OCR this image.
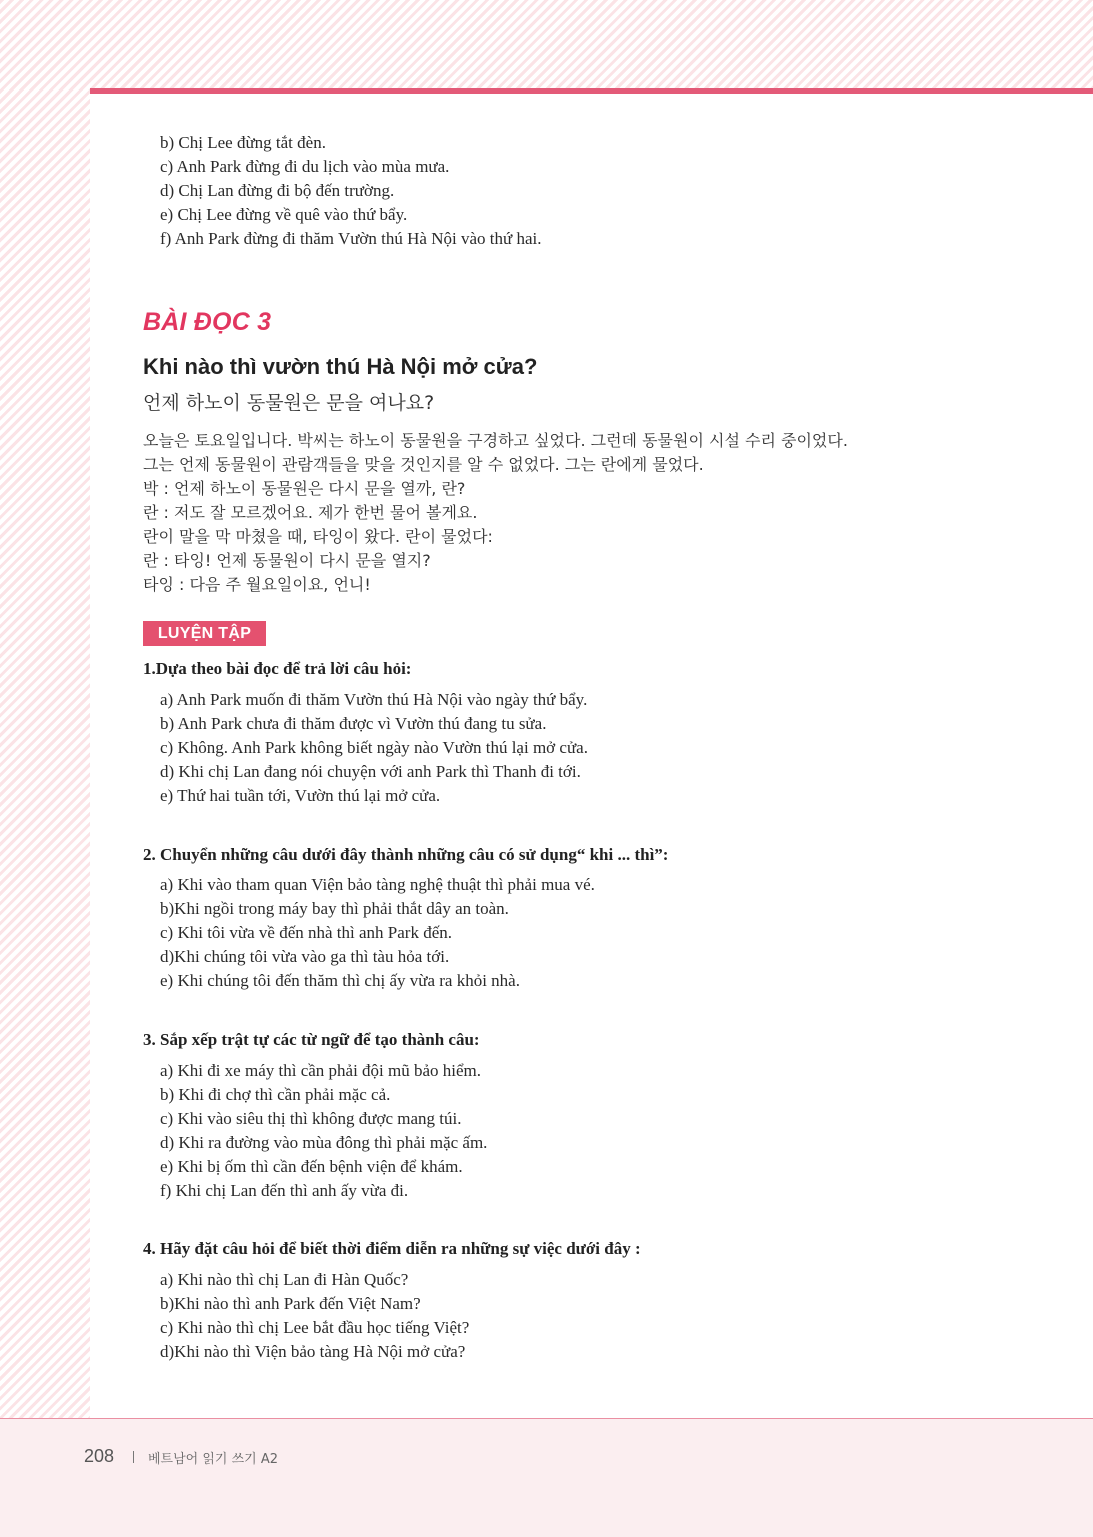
b) Chị Lee đừng tắt đèn.
c) Anh Park đừng đi du lịch vào mùa mưa.
d) Chị Lan đừng đi bộ đến trường.
e) Chị Lee đừng về quê vào thứ bẩy.
f) Anh Park đừng đi thăm Vườn thú Hà Nội vào thứ hai.
BÀI ĐỌC 3
Khi nào thì vườn thú Hà Nội mở cửa?
언제 하노이 동물원은 문을 여나요?
오늘은 토요일입니다. 박씨는 하노이 동물원을 구경하고 싶었다. 그런데 동물원이 시설 수리 중이었다.
그는 언제 동물원이 관람객들을 맞을 것인지를 알 수 없었다. 그는 란에게 물었다.
박 : 언제 하노이 동물원은 다시 문을 열까, 란?
란 : 저도 잘 모르겠어요. 제가 한번 물어 볼게요.
란이 말을 막 마쳤을 때, 타잉이 왔다. 란이 물었다:
란 : 타잉! 언제 동물원이 다시 문을 열지?
타잉 : 다음 주 월요일이요, 언니!
LUYỆN TẬP
1.Dựa theo bài đọc để trả lời câu hỏi:
a) Anh Park muốn đi thăm Vườn thú Hà Nội vào ngày thứ bẩy.
b) Anh Park chưa đi thăm được vì Vườn thú đang tu sửa.
c) Không. Anh Park không biết ngày nào Vườn thú lại mở cửa.
d) Khi chị Lan đang nói chuyện với anh Park thì Thanh đi tới.
e) Thứ hai tuần tới, Vườn thú lại mở cửa.
2. Chuyển những câu dưới đây thành những câu có sử dụng“ khi ... thì”:
a) Khi vào tham quan Viện bảo tàng nghệ thuật thì phải mua vé.
b)Khi ngồi trong máy bay thì phải thắt dây an toàn.
c) Khi tôi vừa về đến nhà thì anh Park đến.
d)Khi chúng tôi vừa vào ga thì tàu hỏa tới.
e) Khi chúng tôi đến thăm thì chị ấy vừa ra khỏi nhà.
3. Sắp xếp trật tự các từ ngữ để tạo thành câu:
a) Khi đi xe máy thì cần phải đội mũ bảo hiểm.
b) Khi đi chợ thì cần phải mặc cả.
c) Khi vào siêu thị thì không được mang túi.
d) Khi ra đường vào mùa đông thì phải mặc ấm.
e) Khi bị ốm thì cần đến bệnh viện để khám.
f) Khi chị Lan đến thì anh ấy vừa đi.
4. Hãy đặt câu hỏi để biết thời điểm diễn ra những sự việc dưới đây :
a) Khi nào thì chị Lan đi Hàn Quốc?
b)Khi nào thì anh Park đến Việt Nam?
c) Khi nào thì chị Lee bắt đầu học tiếng Việt?
d)Khi nào thì Viện bảo tàng Hà Nội mở cửa?
208	베트남어 읽기 쓰기 A2
